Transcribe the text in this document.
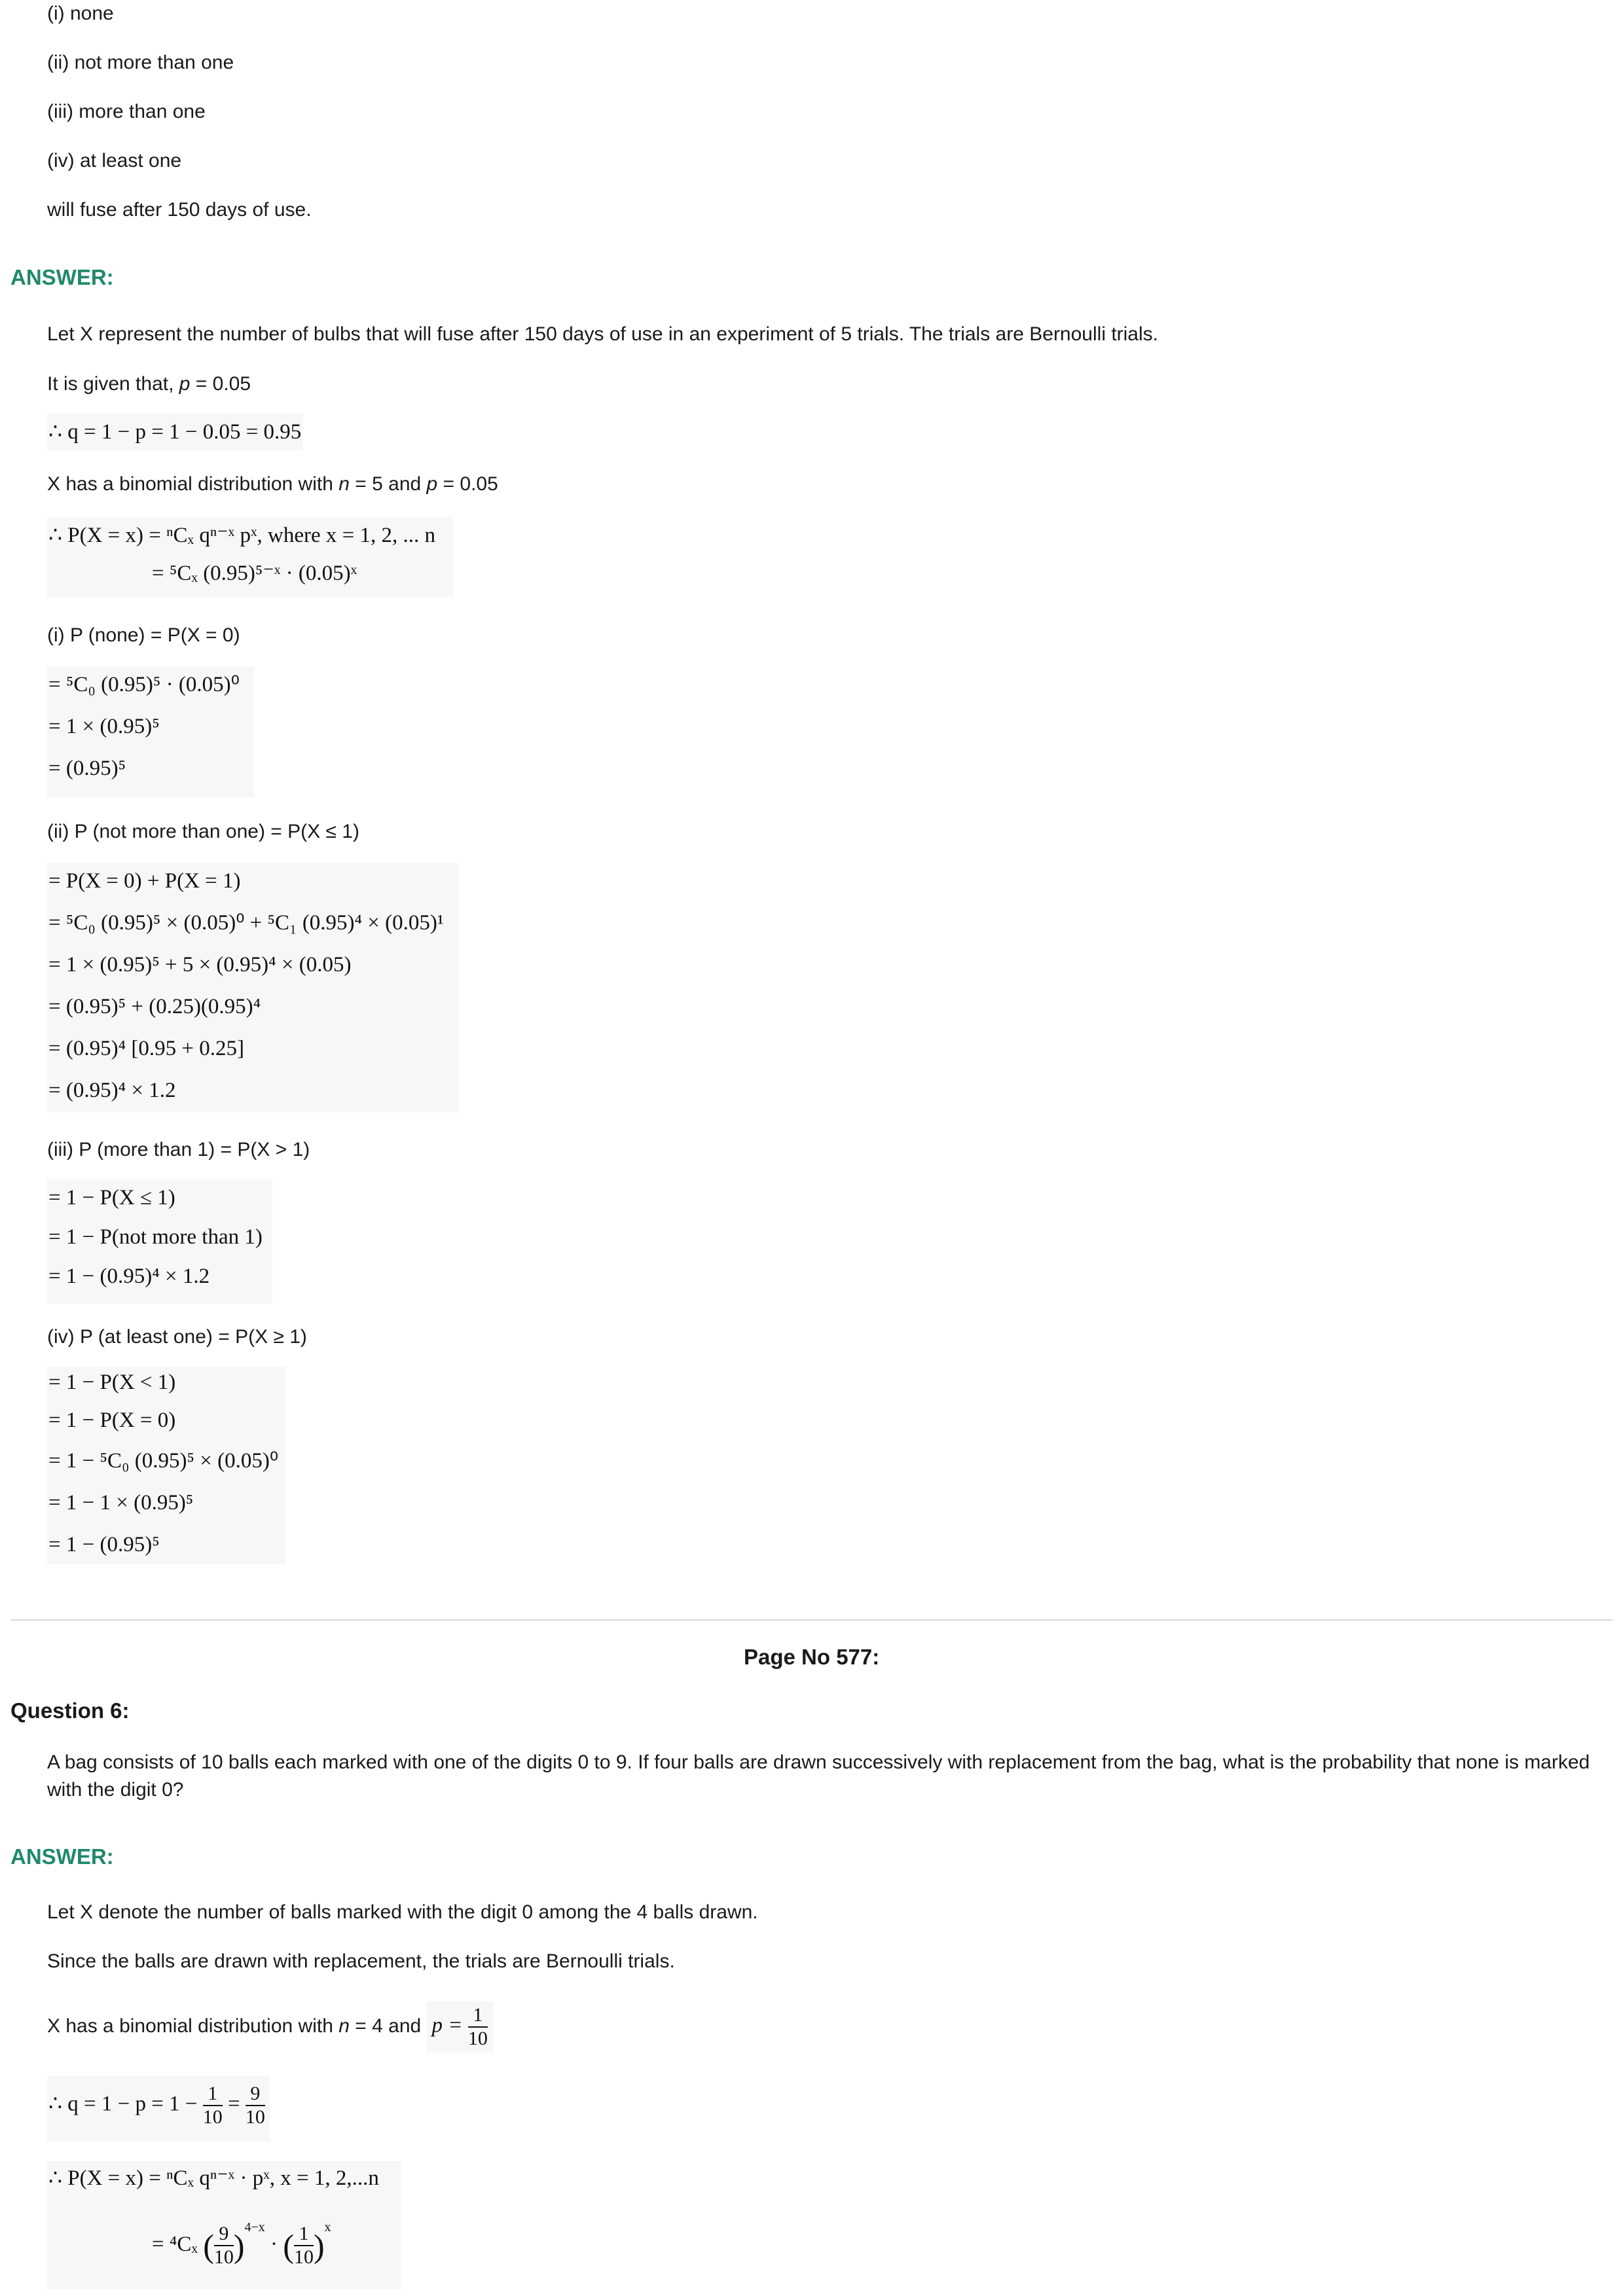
(i) none
(ii) not more than one
(iii) more than one
(iv) at least one
will fuse after 150 days of use.
ANSWER:
Let X represent the number of bulbs that will fuse after 150 days of use in an experiment of 5 trials. The trials are Bernoulli trials.
It is given that, p = 0.05
∴ q = 1 − p = 1 − 0.05 = 0.95
X has a binomial distribution with n = 5 and p = 0.05
∴ P(X = x) = ⁿCₓ qⁿ⁻ˣ pˣ, where x = 1, 2, ... n
= ⁵Cₓ (0.95)⁵⁻ˣ · (0.05)ˣ
(i) P (none) = P(X = 0)
= ⁵C₀ (0.95)⁵ · (0.05)⁰
= 1 × (0.95)⁵
= (0.95)⁵
(ii) P (not more than one) = P(X ≤ 1)
= P(X = 0) + P(X = 1)
= ⁵C₀ (0.95)⁵ × (0.05)⁰ + ⁵C₁ (0.95)⁴ × (0.05)¹
= 1 × (0.95)⁵ + 5 × (0.95)⁴ × (0.05)
= (0.95)⁵ + (0.25)(0.95)⁴
= (0.95)⁴ [0.95 + 0.25]
= (0.95)⁴ × 1.2
(iii) P (more than 1) = P(X > 1)
= 1 − P(X ≤ 1)
= 1 − P(not more than 1)
= 1 − (0.95)⁴ × 1.2
(iv) P (at least one) = P(X ≥ 1)
= 1 − P(X < 1)
= 1 − P(X = 0)
= 1 − ⁵C₀ (0.95)⁵ × (0.05)⁰
= 1 − 1 × (0.95)⁵
= 1 − (0.95)⁵
Page No 577:
Question 6:
A bag consists of 10 balls each marked with one of the digits 0 to 9. If four balls are drawn successively with replacement from the bag, what is the probability that none is marked with the digit 0?
ANSWER:
Let X denote the number of balls marked with the digit 0 among the 4 balls drawn.
Since the balls are drawn with replacement, the trials are Bernoulli trials.
X has a binomial distribution with n = 4 and $p = \frac{1}{10}$
∴ $q = 1 - p = 1 - \frac{1}{10} = \frac{9}{10}$
∴ P(X = x) = ⁿCₓ qⁿ⁻ˣ · pˣ, x = 1, 2,...n
= ⁴Cₓ ( $\frac{9}{10} )^{4-x}$ · ( $\frac{1}{10} )^x$
